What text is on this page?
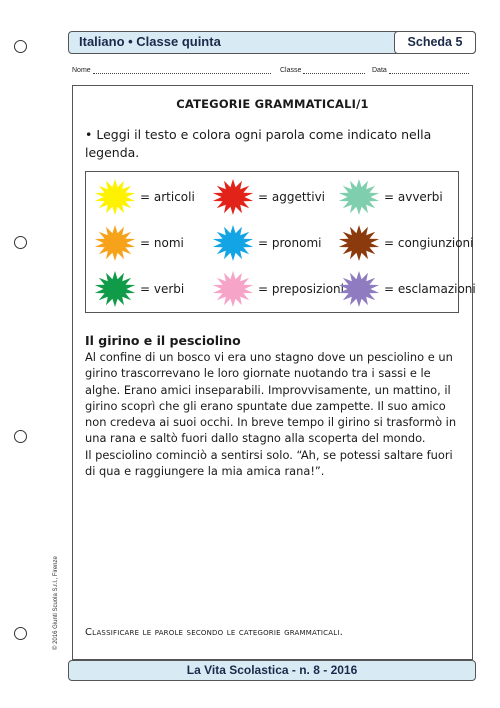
Italiano • Classe quinta	Scheda 5
Nome	Classe	Data
CATEGORIE GRAMMATICALI/1
• Leggi il testo e colora ogni parola come indicato nella legenda.
= articoli	= aggettivi	= avverbi
= nomi	= pronomi	= congiunzioni
= verbi	= preposizioni	= esclamazioni
Il girino e il pesciolino

Al confine di un bosco vi era uno stagno dove un pesciolino e un girino trascorrevano le loro giornate nuotando tra i sassi e le alghe. Erano amici inseparabili. Improvvisamente, un mattino, il girino scoprì che gli erano spuntate due zampette. Il suo amico non credeva ai suoi occhi. In breve tempo il girino si trasformò in una rana e saltò fuori dallo stagno alla scoperta del mondo.

Il pesciolino cominciò a sentirsi solo. “Ah, se potessi saltare fuori di qua e raggiungere la mia amica rana!”.

Classificare le parole secondo le categorie grammaticali.
La Vita Scolastica - n. 8 - 2016
© 2016 Giunti Scuola S.r.l., Firenze
